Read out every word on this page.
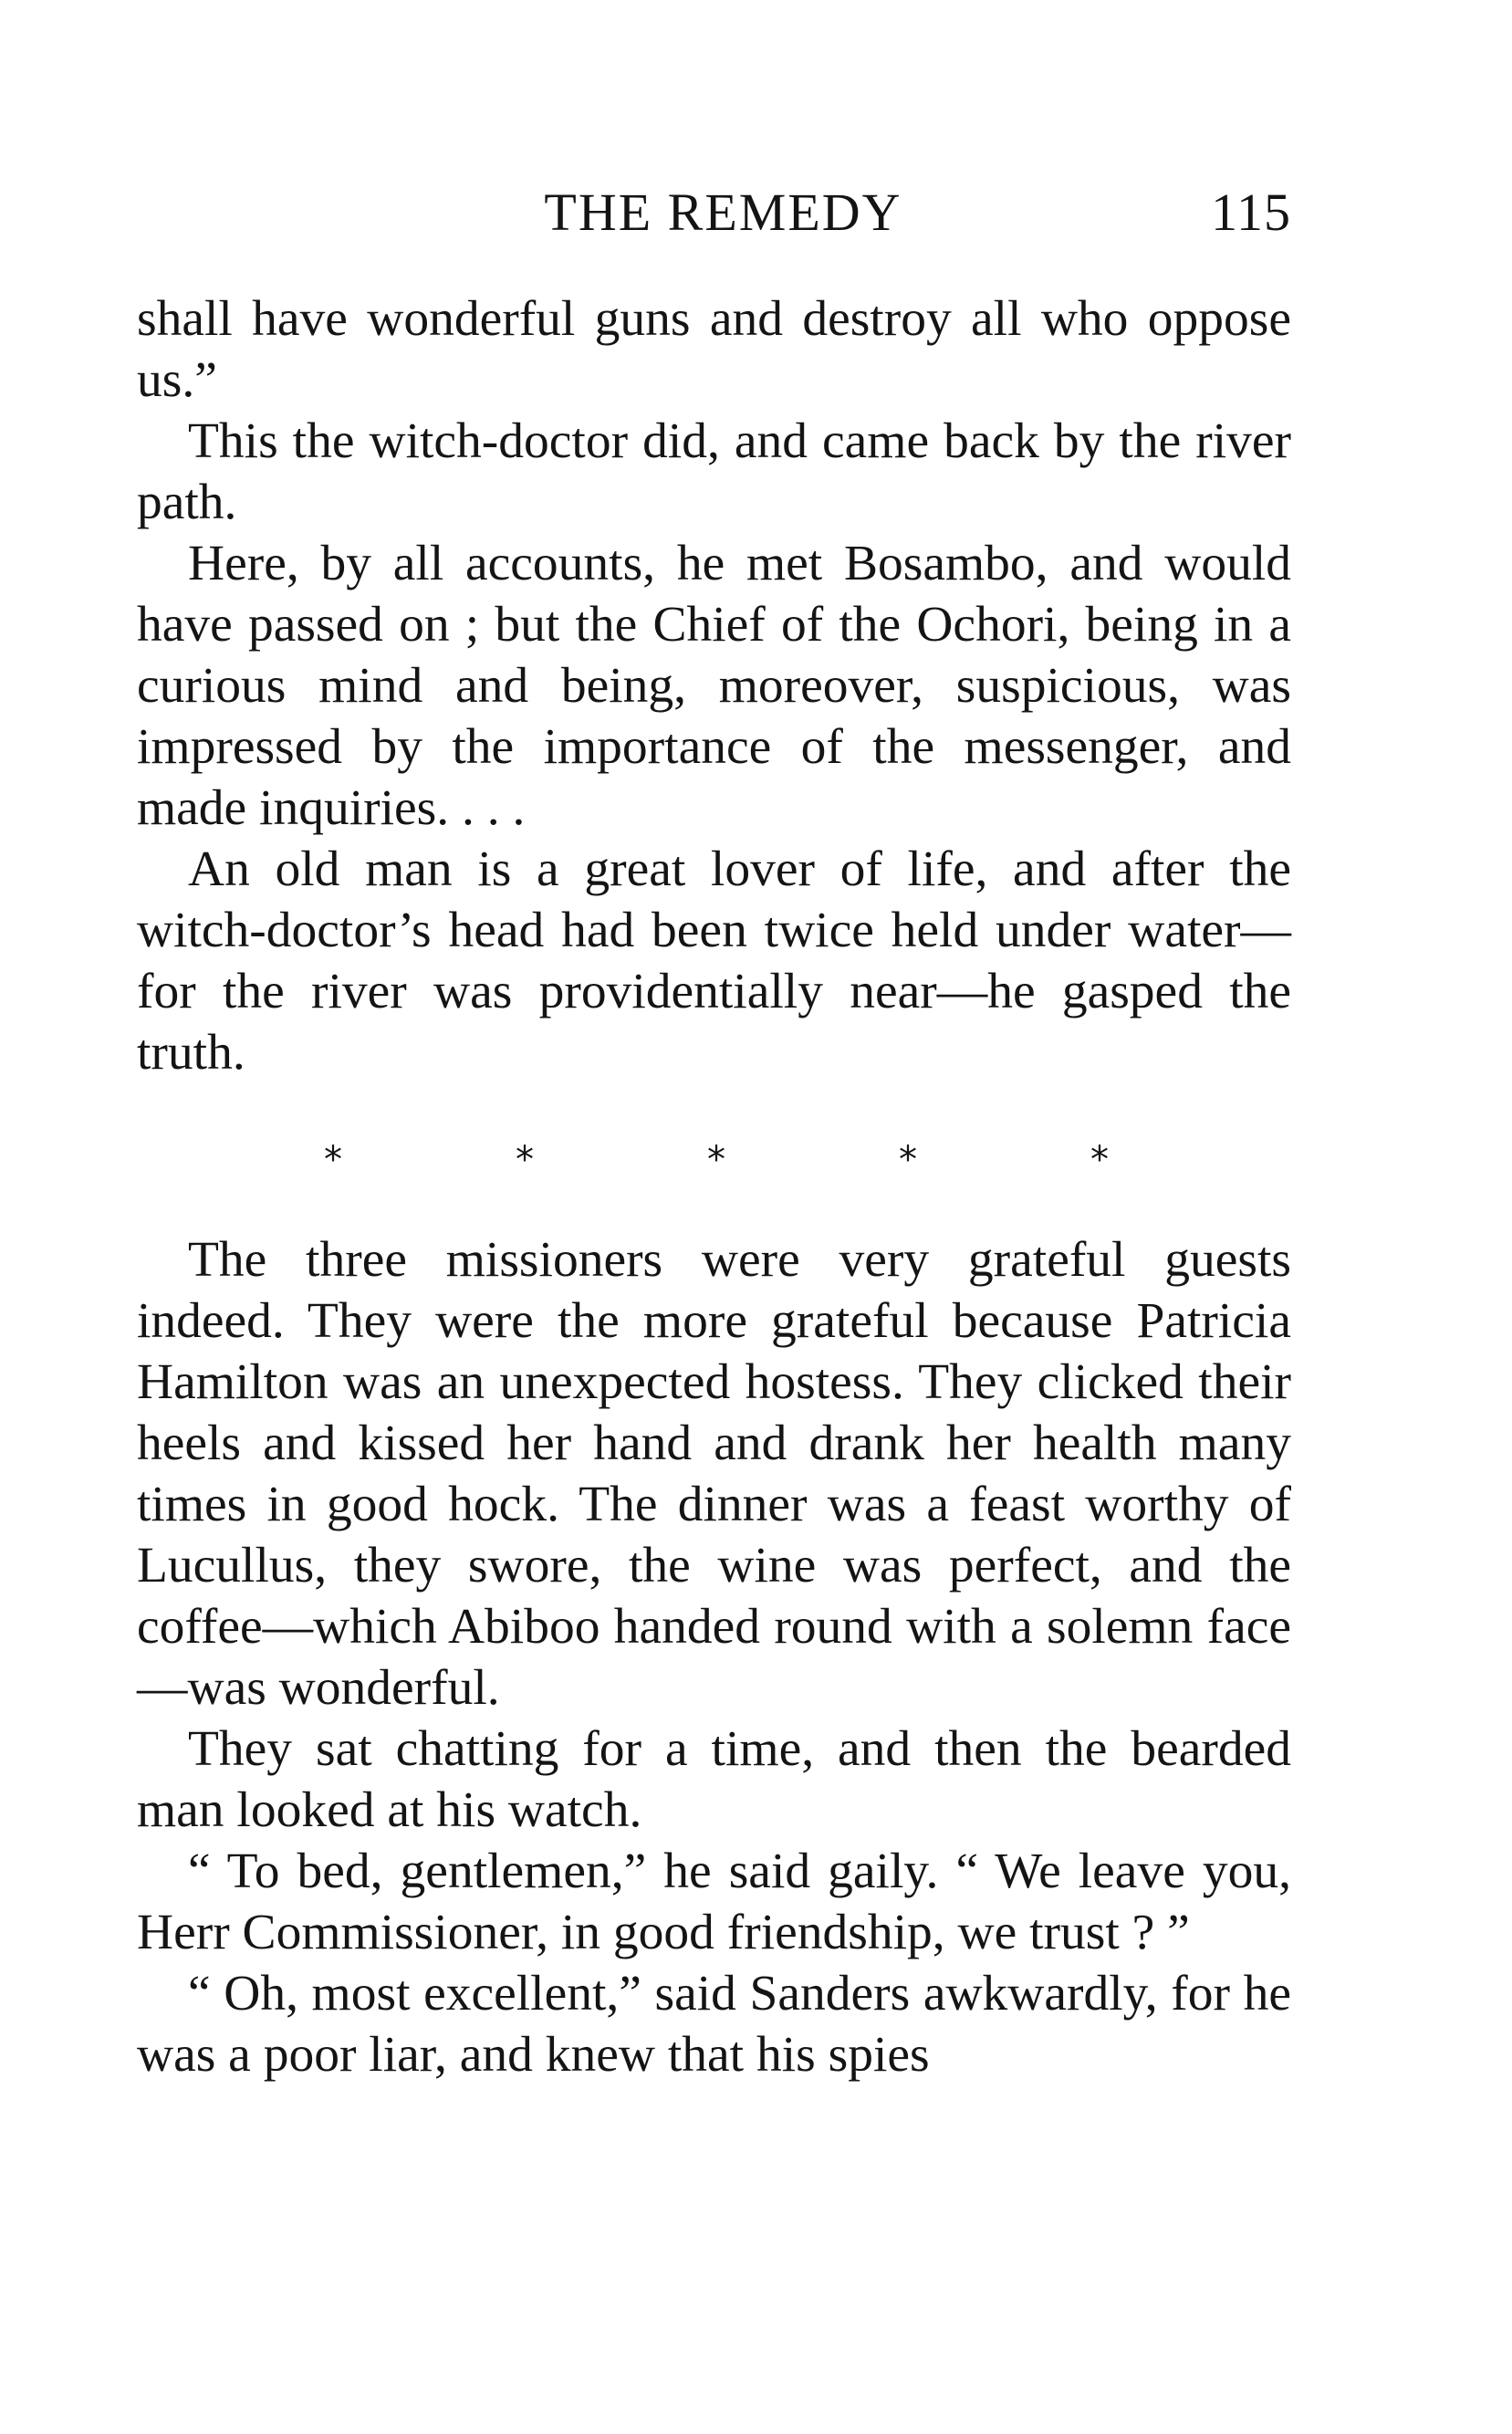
THE REMEDY	115

shall have wonderful guns and destroy all who oppose us.”

This the witch-doctor did, and came back by the river path.

Here, by all accounts, he met Bosambo, and would have passed on ; but the Chief of the Ochori, being in a curious mind and being, moreover, suspicious, was impressed by the importance of the messenger, and made inquiries. . . .

An old man is a great lover of life, and after the witch-doctor’s head had been twice held under water—for the river was providentially near—he gasped the truth.

*	*	*	*	*

The three missioners were very grateful guests indeed. They were the more grateful because Patricia Hamilton was an unexpected hostess. They clicked their heels and kissed her hand and drank her health many times in good hock. The dinner was a feast worthy of Lucullus, they swore, the wine was perfect, and the coffee—which Abiboo handed round with a solemn face—was wonderful.

They sat chatting for a time, and then the bearded man looked at his watch.

“ To bed, gentlemen,” he said gaily. “ We leave you, Herr Commissioner, in good friendship, we trust ? ”

“ Oh, most excellent,” said Sanders awkwardly, for he was a poor liar, and knew that his spies
